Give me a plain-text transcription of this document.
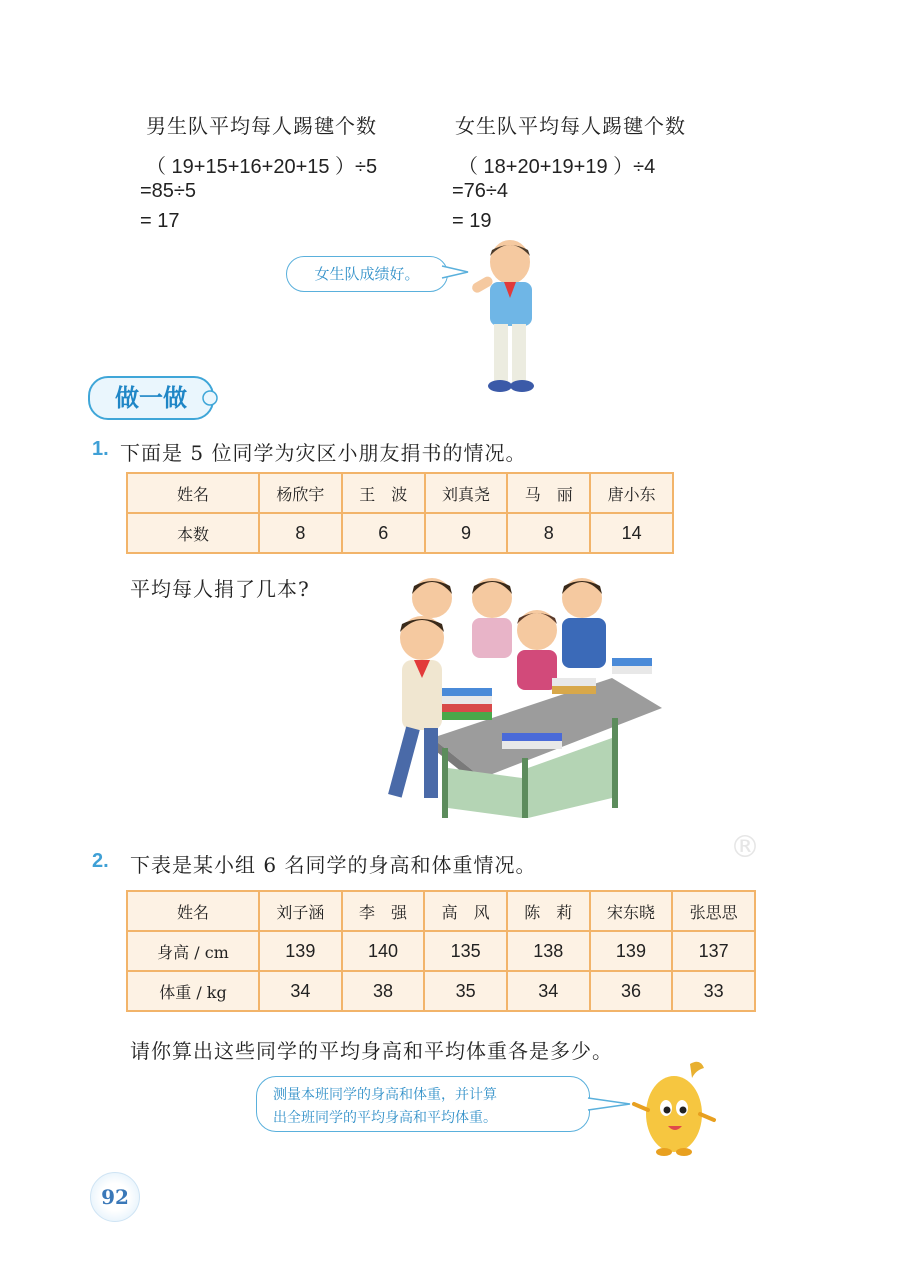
男生队平均每人踢毽个数
（ 19+15+16+20+15 ）÷5
=85÷5
= 17
女生队平均每人踢毽个数
（ 18+20+19+19 ）÷4
=76÷4
= 19
女生队成绩好。
做一做
1. 下面是 5 位同学为灾区小朋友捐书的情况。
姓名	杨欣宇	王　波	刘真尧	马　丽	唐小东
本数	8	6	9	8	14
平均每人捐了几本?
2. 下表是某小组 6 名同学的身高和体重情况。	®
姓名	刘子涵	李　强	高　风	陈　莉	宋东晓	张思思
身高 / cm	139	140	135	138	139	137
体重 / kg	34	38	35	34	36	33
请你算出这些同学的平均身高和平均体重各是多少。
测量本班同学的身高和体重，并计算
出全班同学的平均身高和平均体重。
92
